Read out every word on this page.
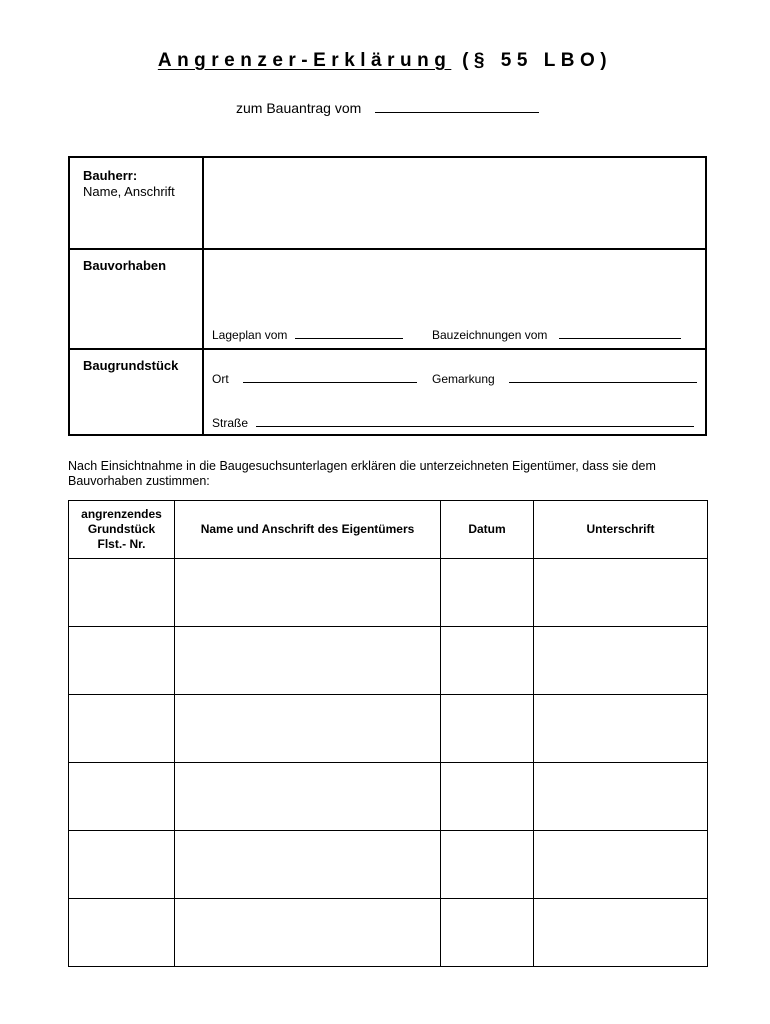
Angrenzer-Erklärung (§ 55 LBO)
zum Bauantrag vom
Bauherr:
Name, Anschrift
Bauvorhaben
Lageplan vom	Bauzeichnungen vom
Baugrundstück
Ort	Gemarkung
Straße
Nach Einsichtnahme in die Baugesuchsunterlagen erklären die unterzeichneten Eigentümer, dass sie dem Bauvorhaben zustimmen:
angrenzendes
Grundstück
Flst.- Nr.	Name und Anschrift des Eigentümers	Datum	Unterschrift
